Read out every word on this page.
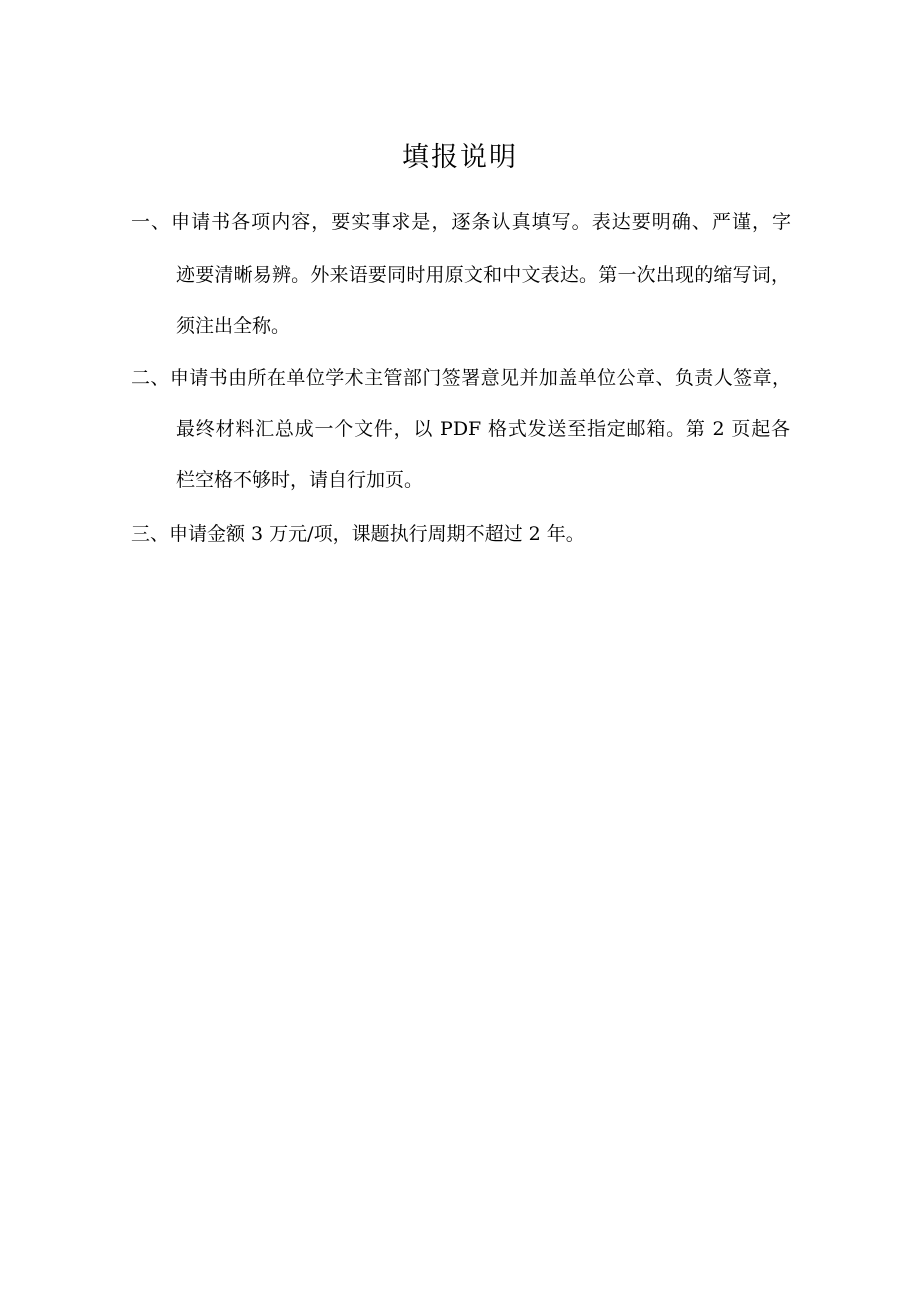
填报说明
一、申请书各项内容，要实事求是，逐条认真填写。表达要明确、严谨，字
迹要清晰易辨。外来语要同时用原文和中文表达。第一次出现的缩写词，
须注出全称。
二、申请书由所在单位学术主管部门签署意见并加盖单位公章、负责人签章，
最终材料汇总成一个文件，以 PDF 格式发送至指定邮箱。第 2 页起各
栏空格不够时，请自行加页。
三、申请金额 3 万元/项，课题执行周期不超过 2 年。
